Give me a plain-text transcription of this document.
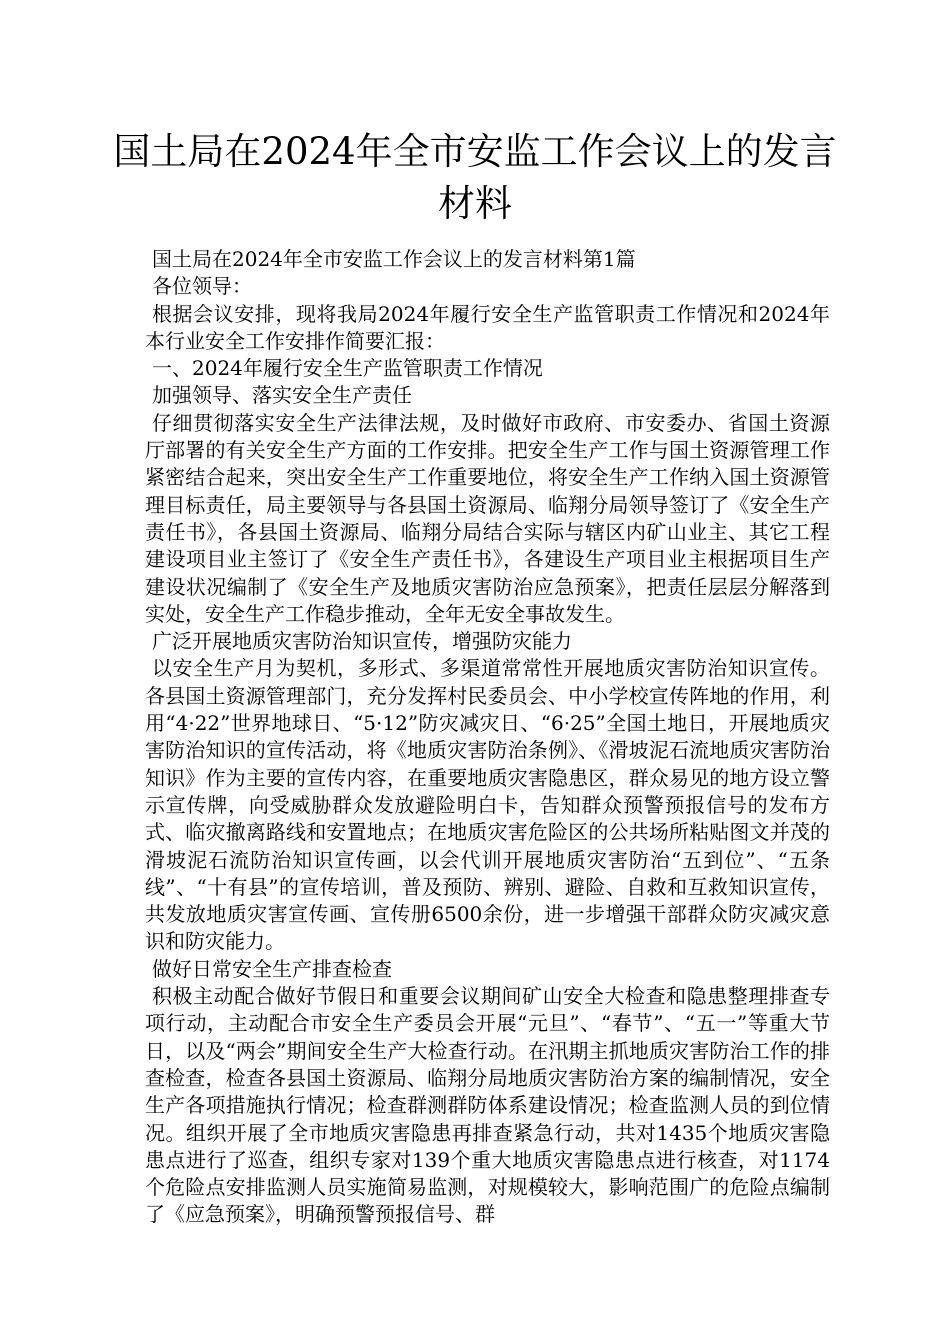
国土局在2024年全市安监工作会议上的发言材料

国土局在2024年全市安监工作会议上的发言材料第1篇

各位领导：

根据会议安排，现将我局2024年履行安全生产监管职责工作情况和2024年本行业安全工作安排作简要汇报：

一、2024年履行安全生产监管职责工作情况

加强领导、落实安全生产责任

仔细贯彻落实安全生产法律法规，及时做好市政府、市安委办、省国土资源厅部署的有关安全生产方面的工作安排。把安全生产工作与国土资源管理工作紧密结合起来，突出安全生产工作重要地位，将安全生产工作纳入国土资源管理目标责任，局主要领导与各县国土资源局、临翔分局领导签订了《安全生产责任书》，各县国土资源局、临翔分局结合实际与辖区内矿山业主、其它工程建设项目业主签订了《安全生产责任书》，各建设生产项目业主根据项目生产建设状况编制了《安全生产及地质灾害防治应急预案》，把责任层层分解落到实处，安全生产工作稳步推动，全年无安全事故发生。

广泛开展地质灾害防治知识宣传，增强防灾能力

以安全生产月为契机，多形式、多渠道常常性开展地质灾害防治知识宣传。各县国土资源管理部门，充分发挥村民委员会、中小学校宣传阵地的作用，利用“4·22”世界地球日、“5·12”防灾减灾日、“6·25”全国土地日，开展地质灾害防治知识的宣传活动，将《地质灾害防治条例》、《滑坡泥石流地质灾害防治知识》作为主要的宣传内容，在重要地质灾害隐患区，群众易见的地方设立警示宣传牌，向受威胁群众发放避险明白卡，告知群众预警预报信号的发布方式、临灾撤离路线和安置地点；在地质灾害危险区的公共场所粘贴图文并茂的滑坡泥石流防治知识宣传画，以会代训开展地质灾害防治“五到位”、“五条线”、“十有县”的宣传培训，普及预防、辨别、避险、自救和互救知识宣传，共发放地质灾害宣传画、宣传册6500余份，进一步增强干部群众防灾减灾意识和防灾能力。

做好日常安全生产排查检查

积极主动配合做好节假日和重要会议期间矿山安全大检查和隐患整理排查专项行动，主动配合市安全生产委员会开展“元旦”、“春节”、“五一”等重大节日，以及“两会”期间安全生产大检查行动。在汛期主抓地质灾害防治工作的排查检查，检查各县国土资源局、临翔分局地质灾害防治方案的编制情况，安全生产各项措施执行情况；检查群测群防体系建设情况；检查监测人员的到位情况。组织开展了全市地质灾害隐患再排查紧急行动，共对1435个地质灾害隐患点进行了巡查，组织专家对139个重大地质灾害隐患点进行核查，对1174个危险点安排监测人员实施简易监测，对规模较大，影响范围广的危险点编制了《应急预案》，明确预警预报信号、群
